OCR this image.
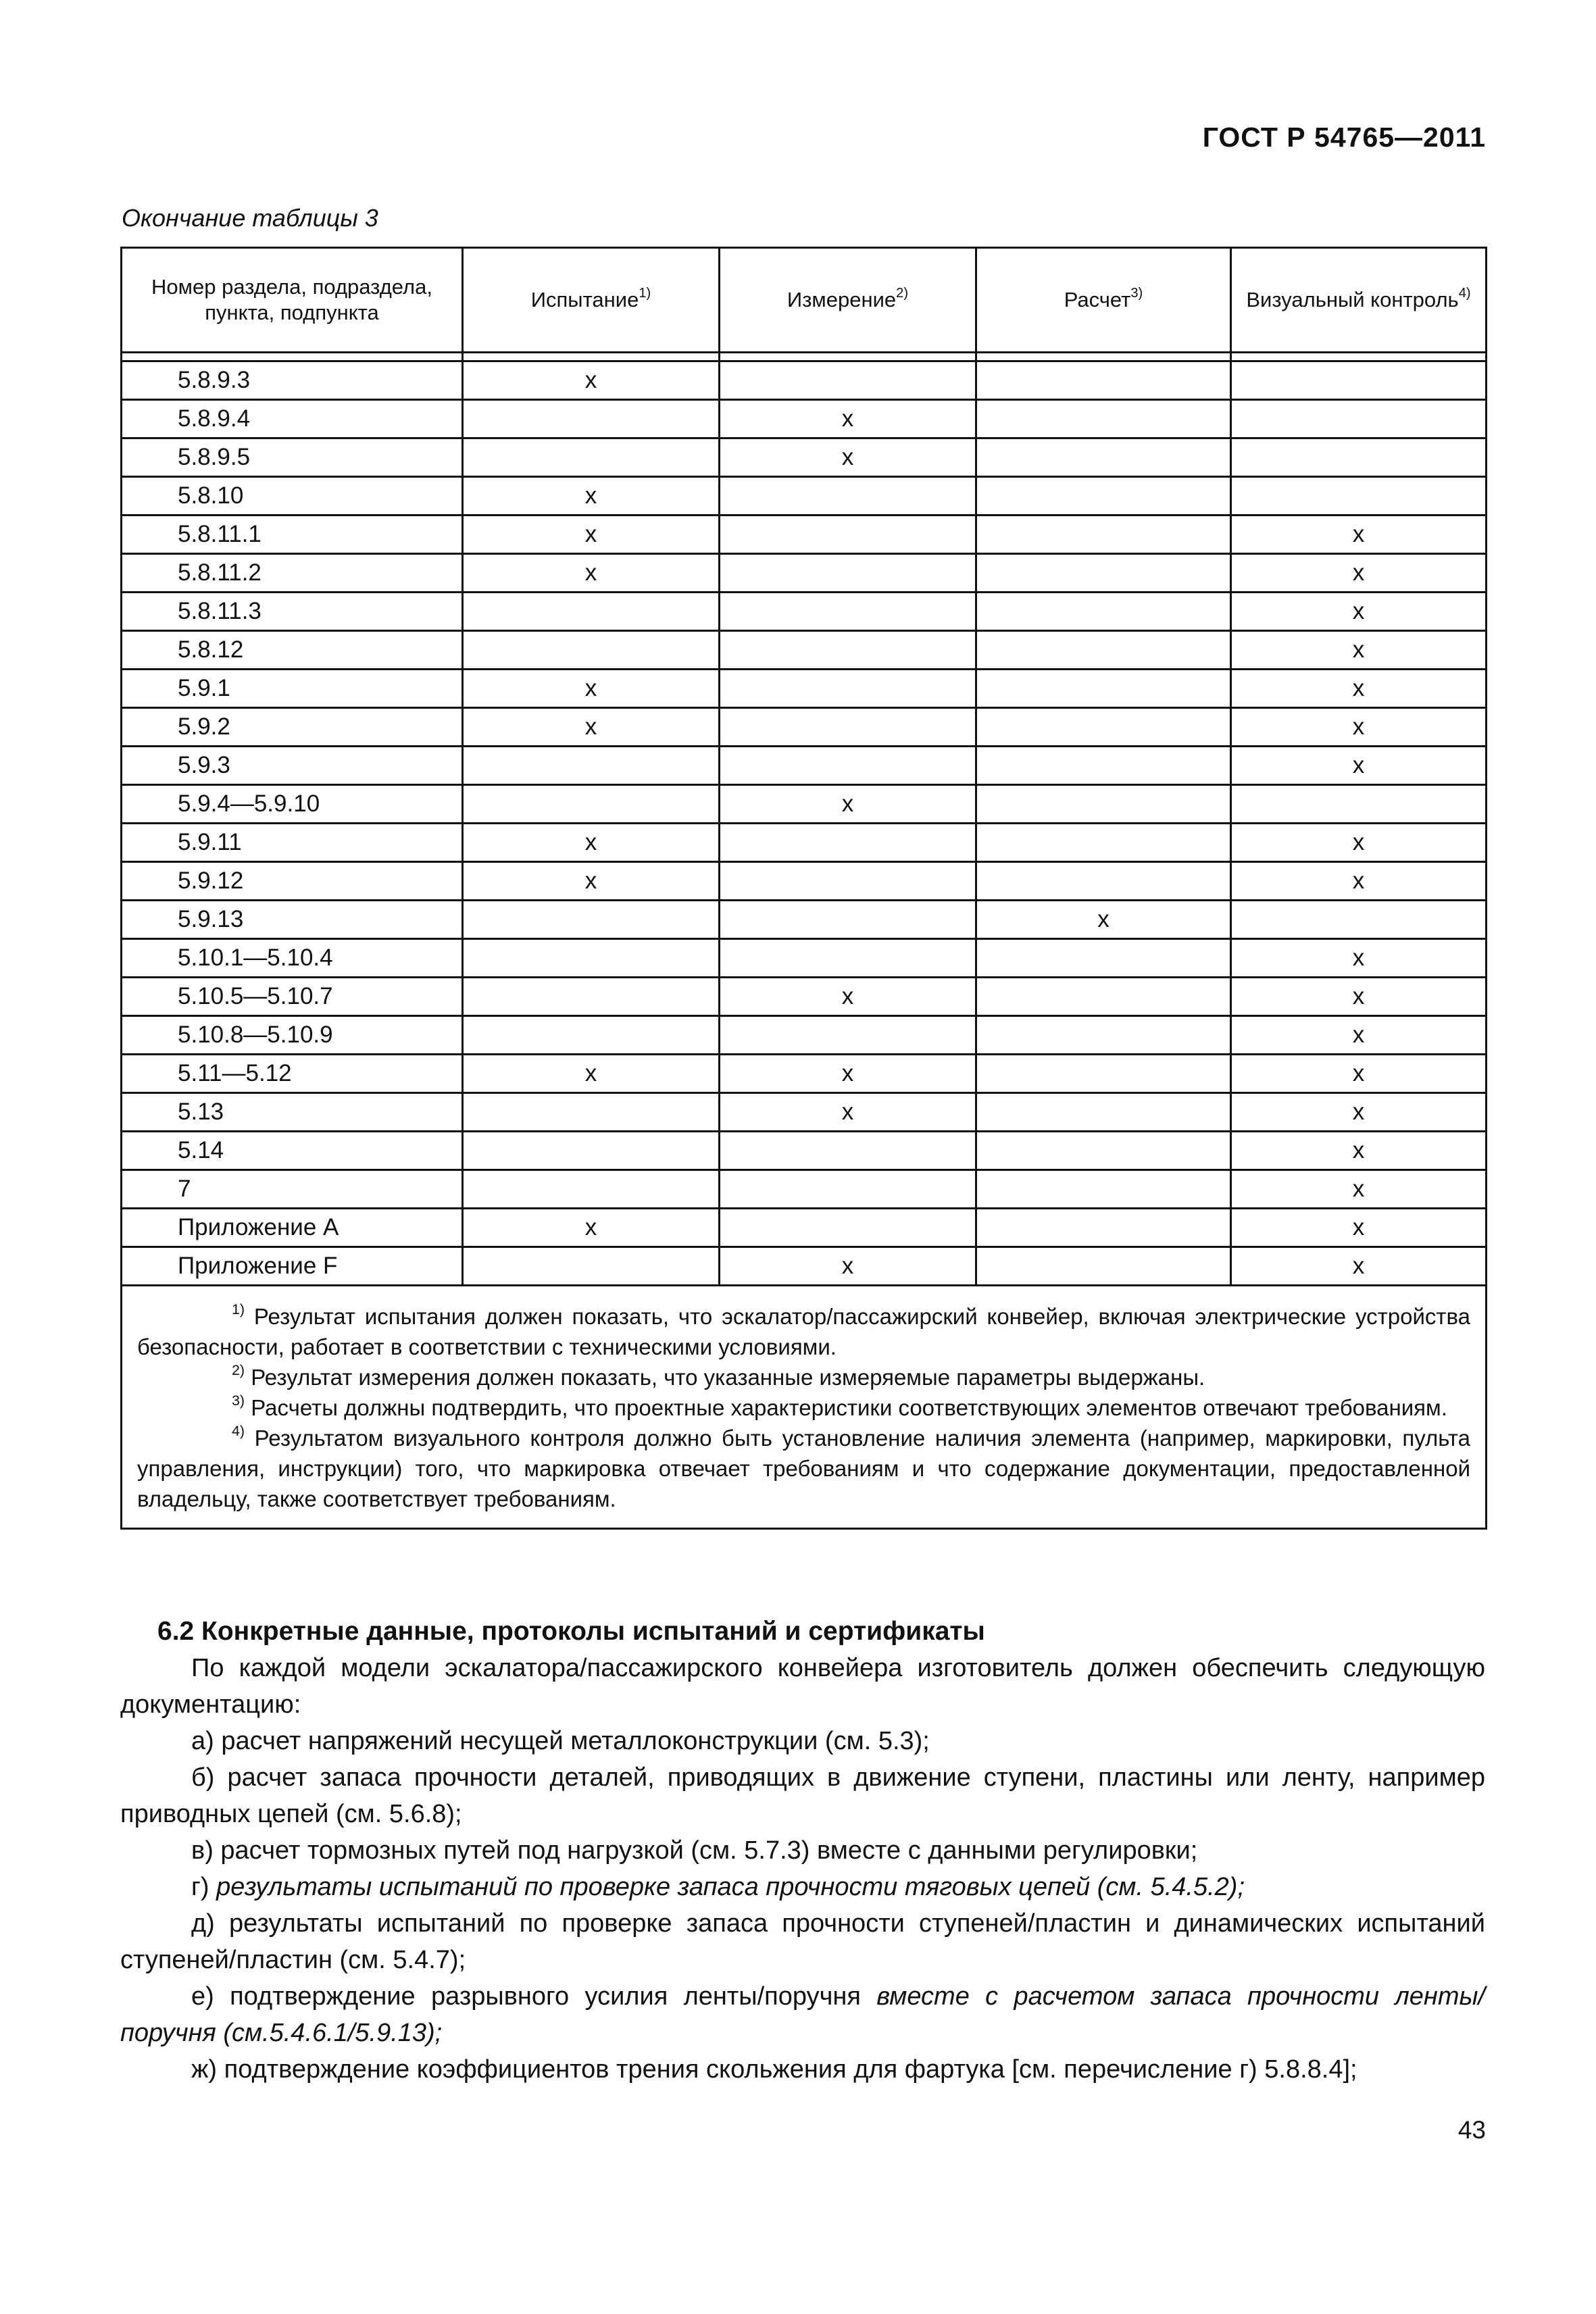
ГОСТ Р 54765—2011
Окончание таблицы 3
Номер раздела, подраздела, пункта, подпункта	Испытание$^{1)}$	Измерение$^{2)}$	Расчет$^{3)}$	Визуальный контроль$^{4)}$

5.8.9.3	x			
5.8.9.4		x		
5.8.9.5		x		
5.8.10	x			
5.8.11.1	x			x
5.8.11.2	x			x
5.8.11.3				x
5.8.12				x
5.9.1	x			x
5.9.2	x			x
5.9.3				x
5.9.4—5.9.10		x		
5.9.11	x			x
5.9.12	x			x
5.9.13			x	
5.10.1—5.10.4				x
5.10.5—5.10.7		x		x
5.10.8—5.10.9				x
5.11—5.12	x	x		x
5.13		x		x
5.14				x
7				x
Приложение А	x			x
Приложение F		x		x

$^{1)}$ Результат испытания должен показать, что эскалатор/пассажирский конвейер, включая электрические устройства безопасности, работает в соответствии с техническими условиями.

$^{2)}$ Результат измерения должен показать, что указанные измеряемые параметры выдержаны.

$^{3)}$ Расчеты должны подтвердить, что проектные характеристики соответствующих элементов отвечают требованиям.

$^{4)}$ Результатом визуального контроля должно быть установление наличия элемента (например, маркировки, пульта управления, инструкции) того, что маркировка отвечает требованиям и что содержание документации, предоставленной владельцу, также соответствует требованиям.				

6.2 Конкретные данные, протоколы испытаний и сертификаты

По каждой модели эскалатора/пассажирского конвейера изготовитель должен обеспечить следующую документацию:

а) расчет напряжений несущей металлоконструкции (см. 5.3);

б) расчет запаса прочности деталей, приводящих в движение ступени, пластины или ленту, например приводных цепей (см. 5.6.8);

в) расчет тормозных путей под нагрузкой (см. 5.7.3) вместе с данными регулировки;

г) результаты испытаний по проверке запаса прочности тяговых цепей (см. 5.4.5.2);

д) результаты испытаний по проверке запаса прочности ступеней/пластин и динамических испытаний ступеней/пластин (см. 5.4.7);

е) подтверждение разрывного усилия ленты/поручня вместе с расчетом запаса прочности ленты/поручня (см.5.4.6.1/5.9.13);

ж) подтверждение коэффициентов трения скольжения для фартука [см. перечисление г) 5.8.8.4];

43
